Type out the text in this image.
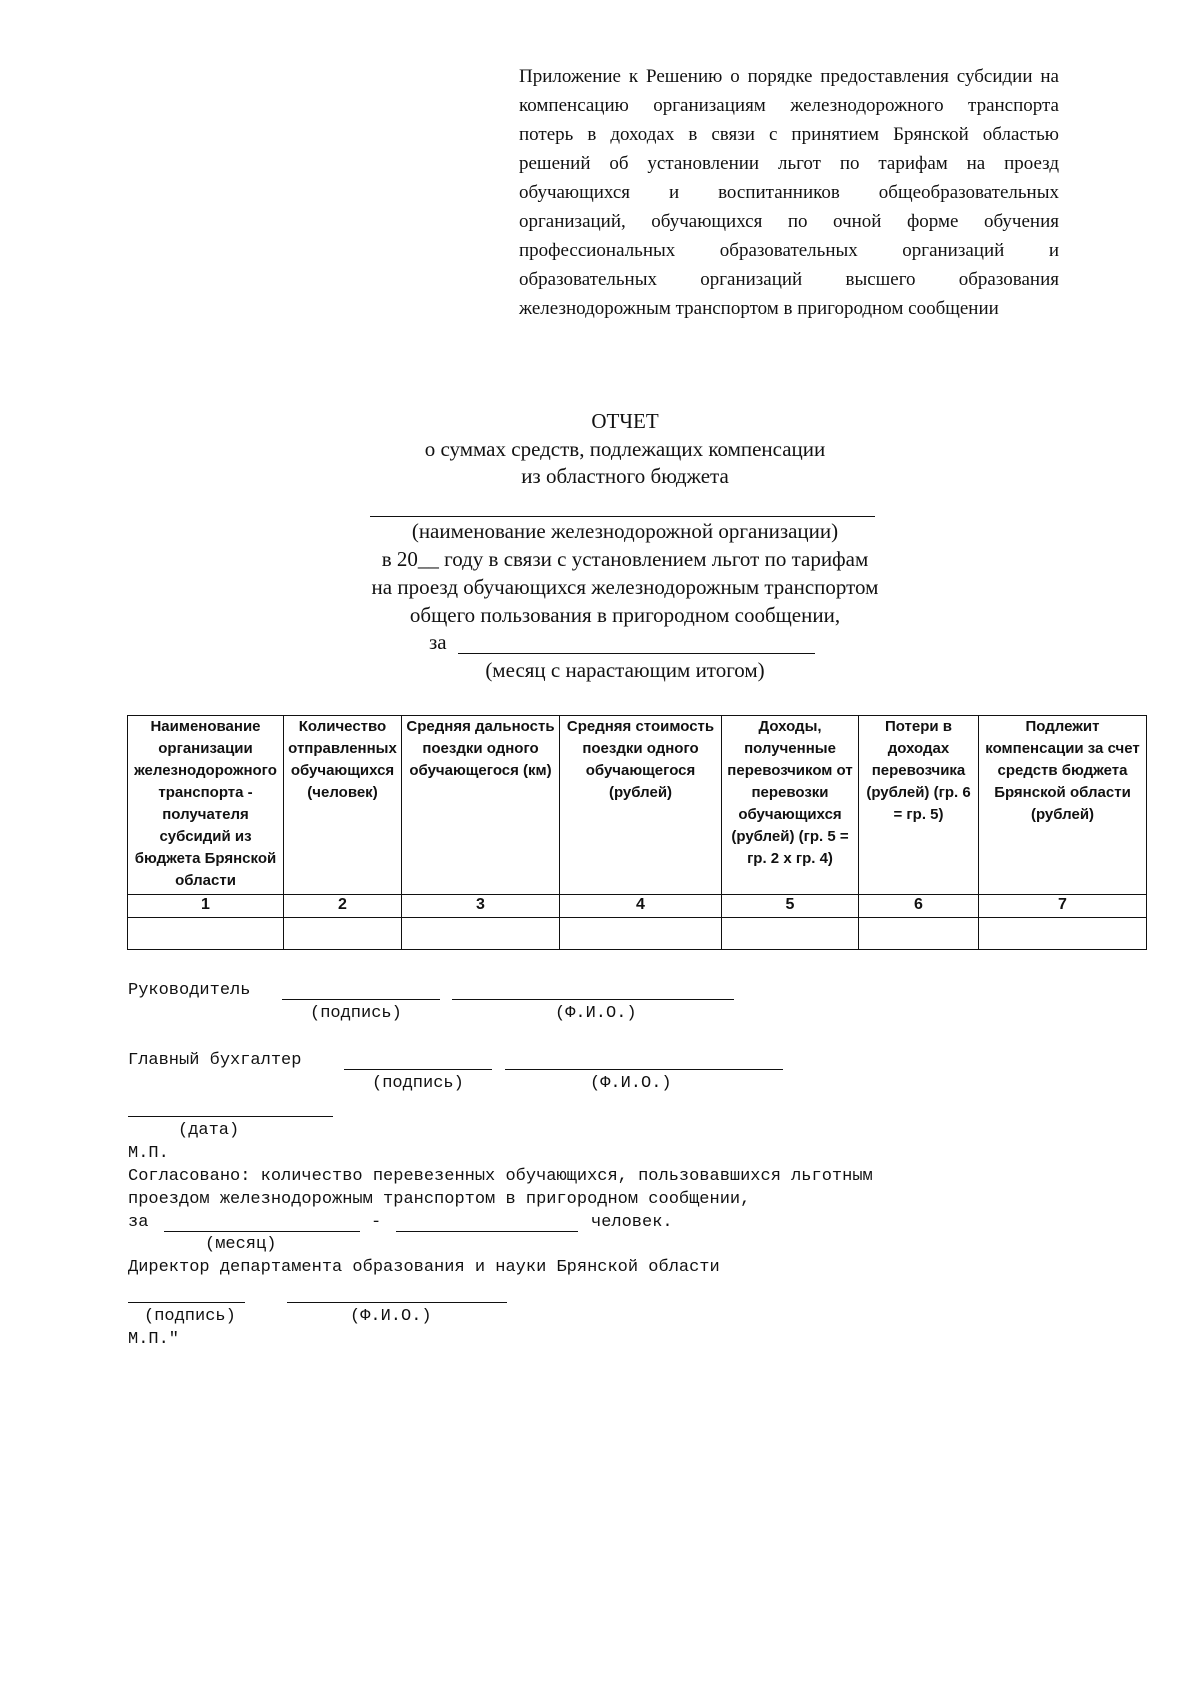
Приложение к Решению о порядке предоставления субсидии на компенсацию организациям железнодорожного транспорта потерь в доходах в связи с принятием Брянской областью решений об установлении льгот по тарифам на проезд обучающихся и воспитанников общеобразовательных организаций, обучающихся по очной форме обучения профессиональных образовательных организаций и образовательных организаций высшего образования железнодорожным транспортом в пригородном сообщении
ОТЧЕТ
о суммах средств, подлежащих компенсации
из областного бюджета
(наименование железнодорожной организации)
в 20__ году в связи с установлением льгот по тарифам
на проезд обучающихся железнодорожным транспортом
общего пользования в пригородном сообщении,
за
(месяц с нарастающим итогом)
Наименование организации железнодорожного транспорта - получателя субсидий из бюджета Брянской области	Количество отправленных обучающихся (человек)	Средняя дальность поездки одного обучающегося (км)	Средняя стоимость поездки одного обучающегося (рублей)	Доходы, полученные перевозчиком от перевозки обучающихся (рублей) (гр. 5 = гр. 2 x гр. 4)	Потери в доходах перевозчика (рублей) (гр. 6 = гр. 5)	Подлежит компенсации за счет средств бюджета Брянской области (рублей)
1	2	3	4	5	6	7

Руководитель
(подпись)	(Ф.И.О.)
Главный бухгалтер
(подпись)	(Ф.И.О.)
(дата)
М.П.
Согласовано: количество перевезенных обучающихся, пользовавшихся льготным
проездом железнодорожным транспортом в пригородном сообщении,
за	-	человек.
(месяц)
Директор департамента образования и науки Брянской области
(подпись)	(Ф.И.О.)
М.П."
